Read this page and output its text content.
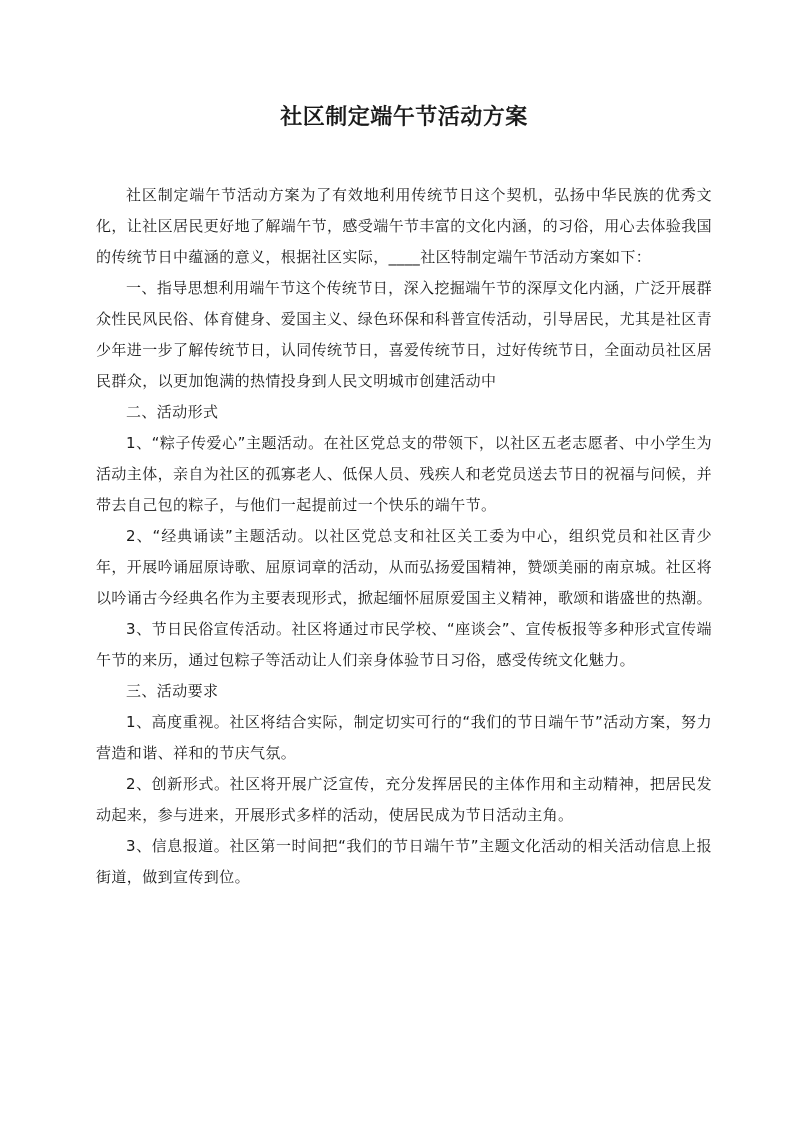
社区制定端午节活动方案

社区制定端午节活动方案为了有效地利用传统节日这个契机，弘扬中华民族的优秀文化，让社区居民更好地了解端午节，感受端午节丰富的文化内涵，的习俗，用心去体验我国的传统节日中蕴涵的意义，根据社区实际，____社区特制定端午节活动方案如下：

一、指导思想利用端午节这个传统节日，深入挖掘端午节的深厚文化内涵，广泛开展群众性民风民俗、体育健身、爱国主义、绿色环保和科普宣传活动，引导居民，尤其是社区青少年进一步了解传统节日，认同传统节日，喜爱传统节日，过好传统节日，全面动员社区居民群众，以更加饱满的热情投身到人民文明城市创建活动中

二、活动形式

1、“粽子传爱心”主题活动。在社区党总支的带领下，以社区五老志愿者、中小学生为活动主体，亲自为社区的孤寡老人、低保人员、残疾人和老党员送去节日的祝福与问候，并带去自己包的粽子，与他们一起提前过一个快乐的端午节。

2、“经典诵读”主题活动。以社区党总支和社区关工委为中心，组织党员和社区青少年，开展吟诵屈原诗歌、屈原词章的活动，从而弘扬爱国精神，赞颂美丽的南京城。社区将以吟诵古今经典名作为主要表现形式，掀起缅怀屈原爱国主义精神，歌颂和谐盛世的热潮。

3、节日民俗宣传活动。社区将通过市民学校、“座谈会”、宣传板报等多种形式宣传端午节的来历，通过包粽子等活动让人们亲身体验节日习俗，感受传统文化魅力。

三、活动要求

1、高度重视。社区将结合实际，制定切实可行的“我们的节日端午节”活动方案，努力营造和谐、祥和的节庆气氛。

2、创新形式。社区将开展广泛宣传，充分发挥居民的主体作用和主动精神，把居民发动起来，参与进来，开展形式多样的活动，使居民成为节日活动主角。

3、信息报道。社区第一时间把“我们的节日端午节”主题文化活动的相关活动信息上报街道，做到宣传到位。
